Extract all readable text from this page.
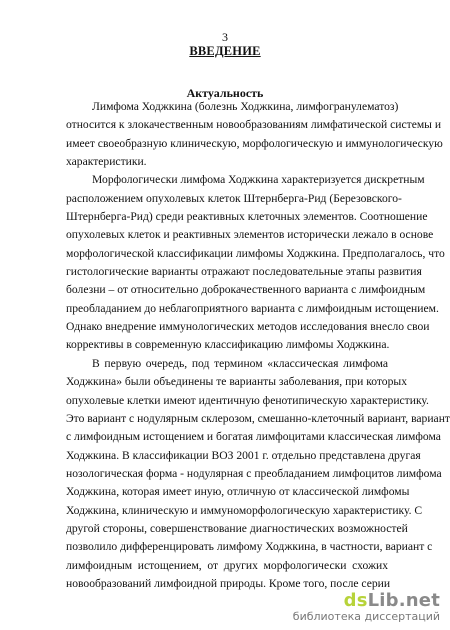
3
ВВЕДЕНИЕ
Актуальность
Лимфома Ходжкина (болезнь Ходжкина, лимфогранулематоз)
относится к злокачественным новообразованиям лимфатической системы и
имеет своеобразную клиническую, морфологическую и иммунологическую
характеристики.
Морфологически лимфома Ходжкина характеризуется дискретным
расположением опухолевых клеток Штернберга-Рид (Березовского-
Штернберга-Рид) среди реактивных клеточных элементов. Соотношение
опухолевых клеток и реактивных элементов исторически лежало в основе
морфологической классификации лимфомы Ходжкина. Предполагалось, что
гистологические варианты отражают последовательные этапы развития
болезни – от относительно доброкачественного варианта с лимфоидным
преобладанием до неблагоприятного варианта с лимфоидным истощением.
Однако внедрение иммунологических методов исследования внесло свои
коррективы в современную классификацию лимфомы Ходжкина.
В первую очередь, под термином «классическая лимфома
Ходжкина» были объединены те варианты заболевания, при которых
опухолевые клетки имеют идентичную фенотипическую характеристику.
Это вариант с нодулярным склерозом, смешанно-клеточный вариант, вариант
с лимфоидным истощением и богатая лимфоцитами классическая лимфома
Ходжкина. В классификации ВОЗ 2001 г. отдельно представлена другая
нозологическая форма - нодулярная с преобладанием лимфоцитов лимфома
Ходжкина, которая имеет иную, отличную от классической лимфомы
Ходжкина, клиническую и иммуноморфологическую характеристику. С
другой стороны, совершенствование диагностических возможностей
позволило дифференцировать лимфому Ходжкина, в частности, вариант с
лимфоидным истощением, от других морфологически схожих
новообразований лимфоидной природы. Кроме того, после серии
dsLib.net
библиотека диссертаций
